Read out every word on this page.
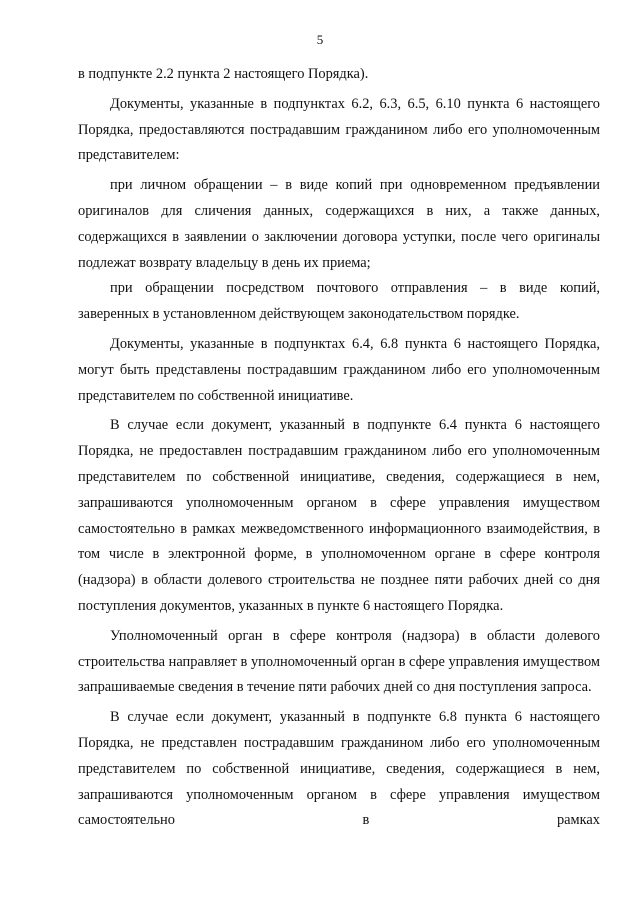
5

в подпункте 2.2 пункта 2 настоящего Порядка).

Документы, указанные в подпунктах 6.2, 6.3, 6.5, 6.10 пункта 6 настоящего Порядка, предоставляются пострадавшим гражданином либо его уполномоченным представителем:

при личном обращении – в виде копий при одновременном предъявлении оригиналов для сличения данных, содержащихся в них, а также данных, содержащихся в заявлении о заключении договора уступки, после чего оригиналы подлежат возврату владельцу в день их приема;

при обращении посредством почтового отправления – в виде копий, заверенных в установленном действующем законодательством порядке.

Документы, указанные в подпунктах 6.4, 6.8 пункта 6 настоящего Порядка, могут быть представлены пострадавшим гражданином либо его уполномоченным представителем по собственной инициативе.

В случае если документ, указанный в подпункте 6.4 пункта 6 настоящего Порядка, не предоставлен пострадавшим гражданином либо его уполномоченным представителем по собственной инициативе, сведения, содержащиеся в нем, запрашиваются уполномоченным органом в сфере управления имуществом самостоятельно в рамках межведомственного информационного взаимодействия, в том числе в электронной форме, в уполномоченном органе в сфере контроля (надзора) в области долевого строительства не позднее пяти рабочих дней со дня поступления документов, указанных в пункте 6 настоящего Порядка.

Уполномоченный орган в сфере контроля (надзора) в области долевого строительства направляет в уполномоченный орган в сфере управления имуществом запрашиваемые сведения в течение пяти рабочих дней со дня поступления запроса.

В случае если документ, указанный в подпункте 6.8 пункта 6 настоящего Порядка, не представлен пострадавшим гражданином либо его уполномоченным представителем по собственной инициативе, сведения, содержащиеся в нем, запрашиваются уполномоченным органом в сфере управления имуществом самостоятельно в рамках
